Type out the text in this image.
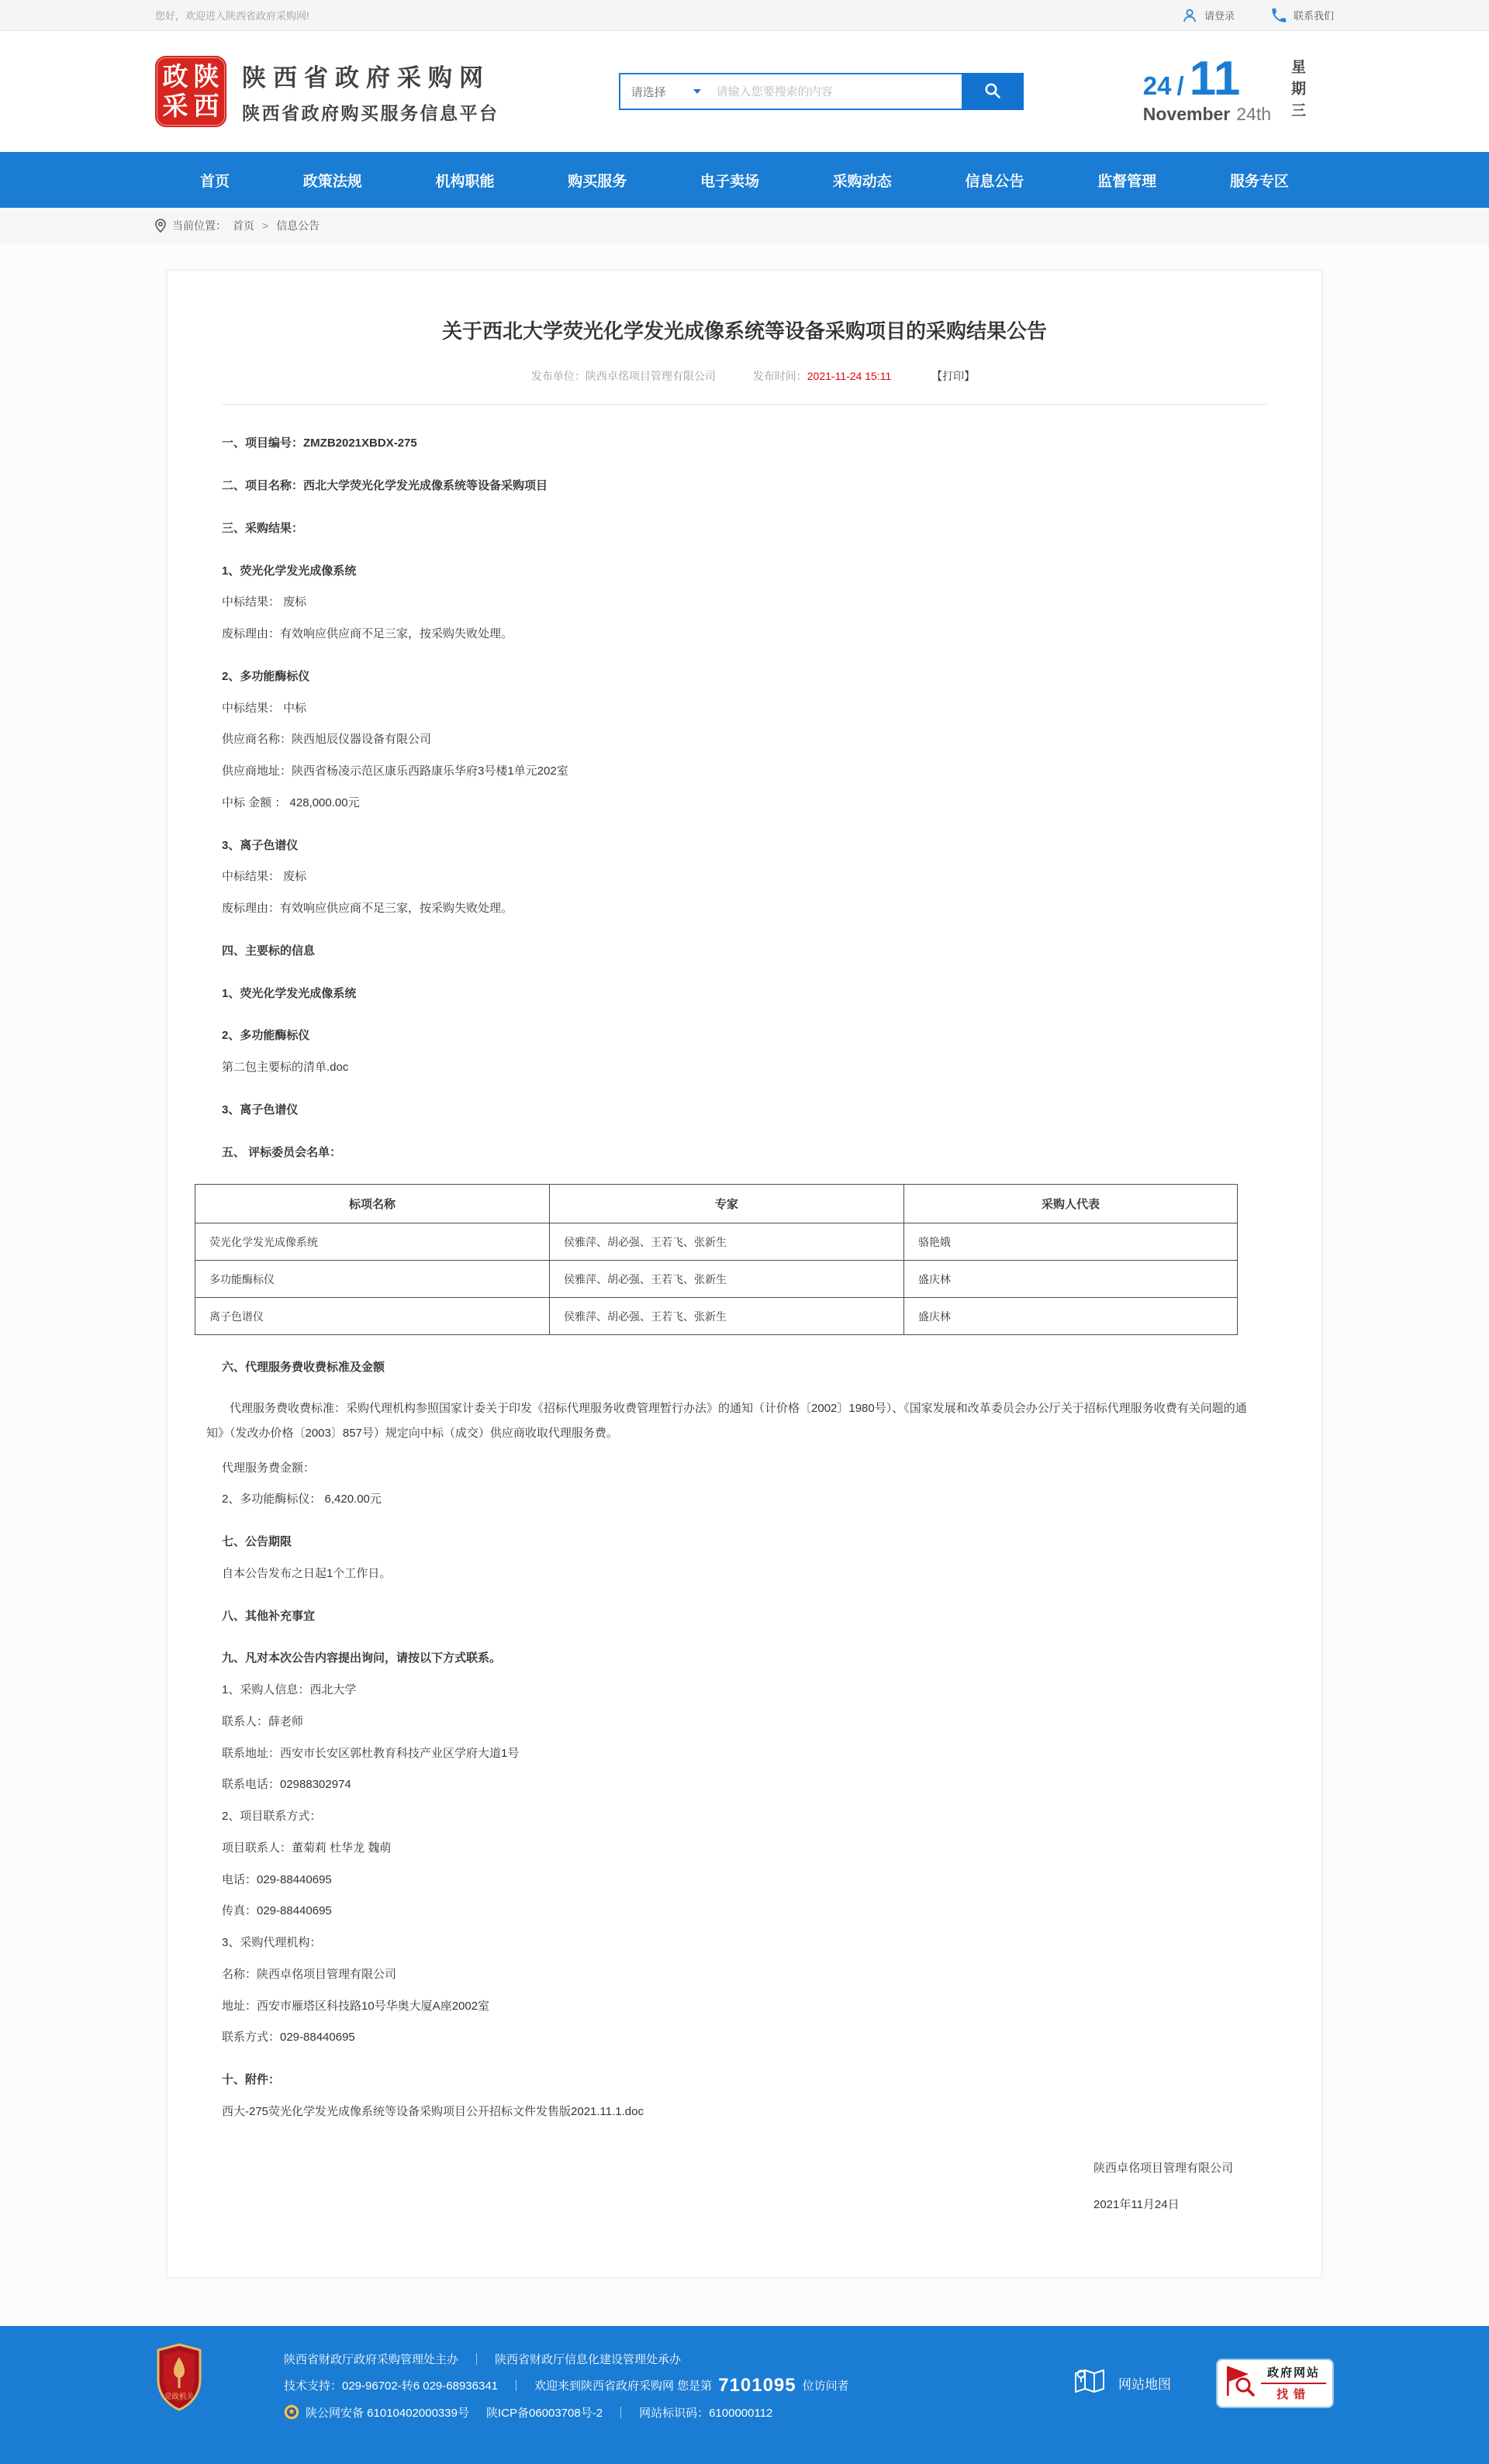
您好，欢迎进入陕西省政府采购网!	请登录	联系我们
政 陕
采 西
陕西省政府采购网
陕西省政府购买服务信息平台
请选择
请输入您要搜索的内容	24 / 11
November 24th 星期三
首页	政策法规	机构职能	购买服务	电子卖场	采购动态	信息公告	监督管理	服务专区
当前位置： 首页 > 信息公告
关于西北大学荧光化学发光成像系统等设备采购项目的采购结果公告
发布单位：陕西卓佲项目管理有限公司	发布时间：2021-11-24 15:11	【打印】

一、项目编号：ZMZB2021XBDX-275

二、项目名称：西北大学荧光化学发光成像系统等设备采购项目

三、采购结果：

1、荧光化学发光成像系统

中标结果： 废标

废标理由：有效响应供应商不足三家，按采购失败处理。

2、多功能酶标仪

中标结果： 中标

供应商名称：陕西旭辰仪器设备有限公司

供应商地址：陕西省杨凌示范区康乐西路康乐华府3号楼1单元202室

中标 金额 ： 428,000.00元

3、离子色谱仪

中标结果： 废标

废标理由：有效响应供应商不足三家，按采购失败处理。

四、主要标的信息

1、荧光化学发光成像系统

2、多功能酶标仪

第二包主要标的清单.doc

3、离子色谱仪

五、 评标委员会名单：

标项名称	专家	采购人代表
荧光化学发光成像系统	侯雅萍、胡必强、王若飞、张新生	骆艳娥
多功能酶标仪	侯雅萍、胡必强、王若飞、张新生	盛庆林
离子色谱仪	侯雅萍、胡必强、王若飞、张新生	盛庆林

六、代理服务费收费标准及金额

代理服务费收费标准：采购代理机构参照国家计委关于印发《招标代理服务收费管理暂行办法》的通知（计价格〔2002〕1980号）、《国家发展和改革委员会办公厅关于招标代理服务收费有关问题的通知》（发改办价格〔2003〕857号）规定向中标（成交）供应商收取代理服务费。

代理服务费金额：

2、多功能酶标仪： 6,420.00元

七、公告期限

自本公告发布之日起1个工作日。

八、其他补充事宜

九、凡对本次公告内容提出询问，请按以下方式联系。

1、采购人信息：西北大学

联系人：薛老师

联系地址：西安市长安区郭杜教育科技产业区学府大道1号

联系电话：02988302974

2、项目联系方式：

项目联系人：董菊莉 杜华龙 魏萌

电话：029-88440695

传真：029-88440695

3、采购代理机构：

名称：陕西卓佲项目管理有限公司

地址：西安市雁塔区科技路10号华奥大厦A座2002室

联系方式：029-88440695

十、附件：

西大-275荧光化学发光成像系统等设备采购项目公开招标文件发售版2021.11.1.doc

陕西卓佲项目管理有限公司
2021年11月24日
党政机关
陕西省财政厅政府采购管理处主办 ｜ 陕西省财政厅信息化建设管理处承办
技术支持：029-96702-转6 029-68936341 ｜ 欢迎来到陕西省政府采购网 您是第 7101095 位访问者
陕公网安备 61010402000339号 陕ICP备06003708号-2 ｜ 网站标识码：6100000112
网站地图
政府网站
找错
